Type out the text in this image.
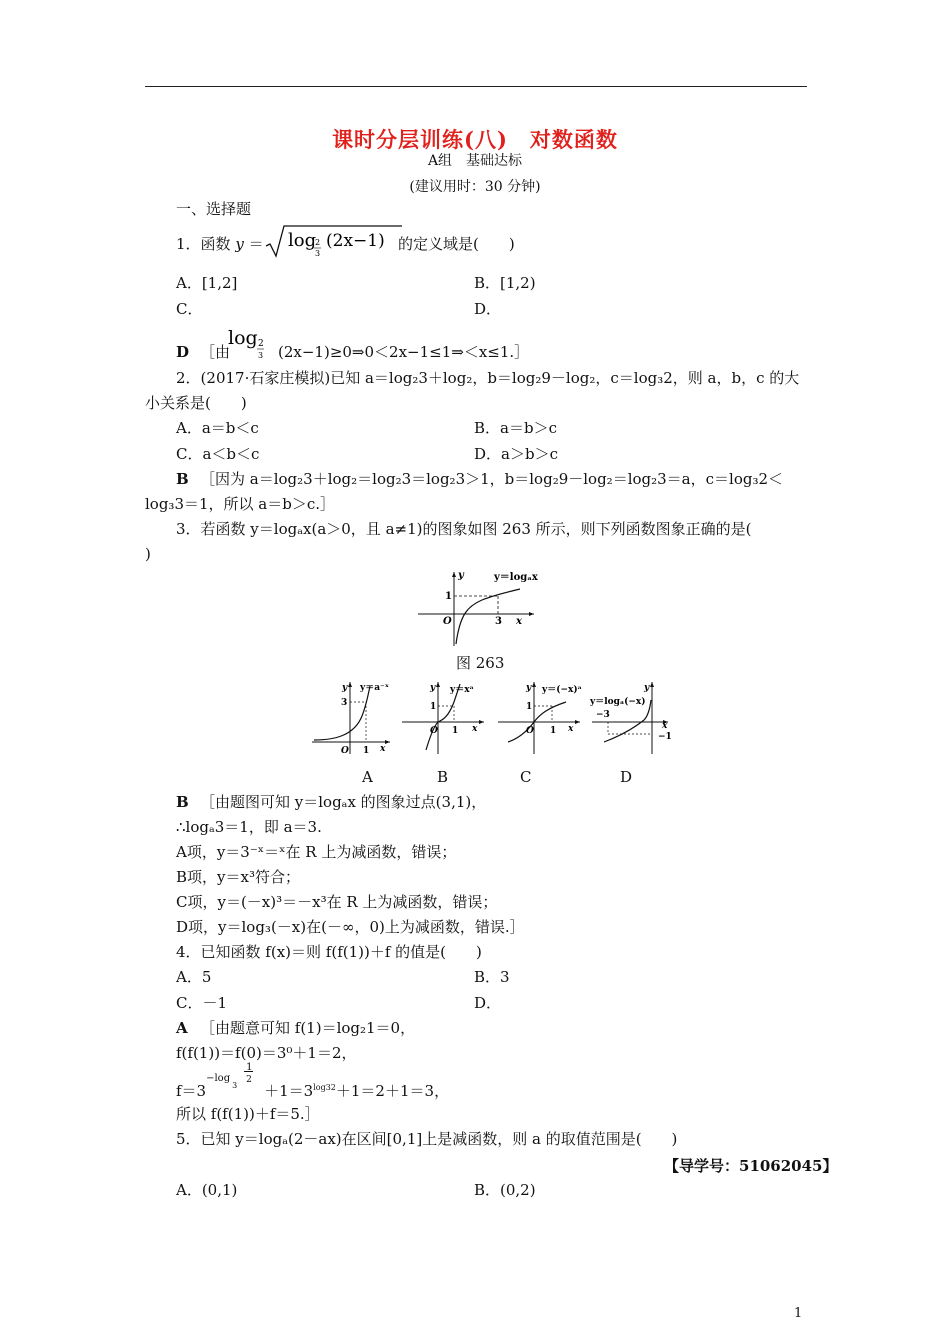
课时分层训练(八)　对数函数
A组　基础达标
(建议用时：30 分钟)
一、选择题
1．函数 y ＝ log
2
3
(2x−1) 的定义域是(　　)
A．[1,2]	B．[1,2)
C．	D．
D ［由
log 2
3 (2x−1)≥0⇒0＜2x−1≤1⇒＜x≤1.］
2．(2017·石家庄模拟)已知 a＝log₂3＋log₂，b＝log₂9－log₂，c＝log₃2，则 a，b，c 的大
小关系是(　　)
A．a＝b＜c	B．a＝b＞c
C．a＜b＜c	D．a＞b＞c
B ［因为 a＝log₂3＋log₂＝log₂3＝log₂3＞1，b＝log₂9－log₂＝log₂3＝a，c＝log₃2＜
log₃3＝1，所以 a＝b＞c.］
3．若函数 y＝logₐx(a＞0，且 a≠1)的图象如图 263 所示，则下列函数图象正确的是(
)
y	y＝logₐx
1
O	3 x
图 263
y y＝a⁻ˣ
3
O 1 x
y y＝xᵃ
1
O 1 x
y y＝(−x)ᵃ
1
O 1 x
y
y＝logₐ(−x)
−3
−1
x
A	B	C	D
B ［由题图可知 y＝logₐx 的图象过点(3,1)，
∴logₐ3＝1，即 a＝3.
A项，y＝3⁻ˣ＝ˣ在 R 上为减函数，错误；
B项，y＝x³符合；
C项，y＝(－x)³＝－x³在 R 上为减函数，错误；
D项，y＝log₃(－x)在(－∞，0)上为减函数，错误.］
4．已知函数 f(x)＝则 f(f(1))＋f 的值是(　　)
A．5	B．3
C．－1	D．
A ［由题意可知 f(1)＝log₂1＝0，
f(f(1))＝f(0)＝3⁰＋1＝2，
f＝3
−log
3
1
2
$+1=3^{log32}+1=2+1=3$，
所以 f(f(1))＋f＝5.］
5．已知 y＝logₐ(2－ax)在区间[0,1]上是减函数，则 a 的取值范围是(　　)
【导学号：51062045】
A．(0,1)	B．(0,2)
1
